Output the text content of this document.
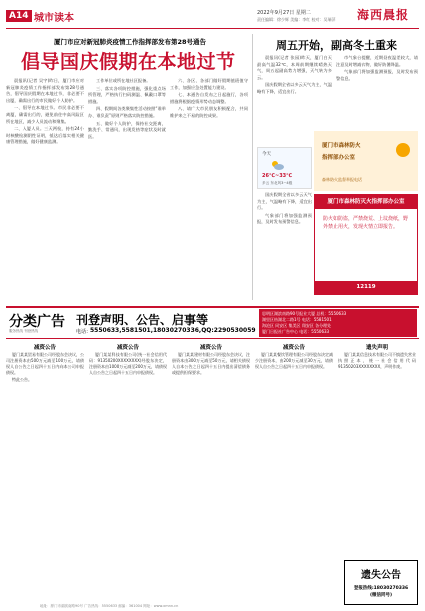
A14 城市读本	2022年9月27日 星期二
责任编辑：徐少辉 美编：李红 校对：吴瑞萍 海西晨报
厦门市应对新冠肺炎疫情工作指挥部发布第28号通告
倡导国庆假期在本地过节

晨报讯(记者 吴宇)昨日，厦门市应对新冠肺炎疫情工作指挥部发布第28号通告，倡导国庆假期在本地过节，非必要不出厦，确需出行的市民做好个人防护。

一、倡导在本地过节。市民非必要不离厦，确需出行的，避免前往中高风险区所在地区，减少人员流动和聚集。

二、入厦人员。三天两检，持有24小时核酸检测阴性证明，抵达后落实相关健康管理措施，做好健康监测。

工作单位或所在地社区报备。

三、落实各项防控措施，强化重点场所管理，严格执行扫码测温、佩戴口罩等措施。

四、假期间各类聚集性活动按照“谁举办、谁负责”原则严格落实防控措施。

五、做好个人防护，保持社交距离，勤洗手、常通风，出现发热等症状及时就医。

六、各区、各部门做好假期值班值守工作，加强应急处置能力建设。

七、本通告自发布之日起施行，各项措施将根据疫情形势动态调整。

八、请广大市民朋友积极配合，共同维护来之不易的防控成果。

周五开始，副高冬土重来

晨报讯(记者 张园)昨天，厦门白天最高气温32℃，本周前期继续晴热天气，周五起副高势力增强，天气转为多云。

国庆假期全省以多云天气为主，气温略有下降，适宜出行。

市气象台提醒，近期昼夜温差较大，请注意及时增减衣物，做好防暑降温。

气象部门将加强监测预报，及时发布预警信息。

今天
26℃~33℃
多云 东北风3~4级

国庆假期全省以多云天气为主，气温略有下降，适宜出行。

气象部门将加强监测预报，及时发布预警信息。

厦门市森林防火
指挥部办公室
森林防火监督举报电话
厦门市森林防灭火指挥部办公室
防火如防盗，严禁烧荒、上坟烧纸，野外禁止用火，发现火情立即报告。
12119
分类广告
服务热线 刊登热线
刊登声明、公告、启事等
电话：
5550633,5581501,18030270336,QQ:2290530059
思明区湖滨南路90号报业大厦 总机：5550633
湖里区枋湖北二路1号 电话：5581501
海沧区 同安区 集美区 翔安区 各分理处
厦门日报社广告中心 电话：5550633
减资公告

厦门某某贸易有限公司经股东会决议，公司注册资本由500万元减至100万元，请债权人自公告之日起四十五日内向本公司申报债权。

特此公告。

减资公告

厦门某某科技有限公司(统一社会信用代码：91350200XXXXXXXX)经股东决定，注册资本由1000万元减至200万元，请债权人自公告之日起四十五日内申报债权。

减资公告

厦门某某建材有限公司经股东会决议，注册资本由300万元减至50万元，请相关债权人自本公告之日起四十五日内提出清偿债务或提供担保要求。

减资公告

厦门某某餐饮管理有限公司经股东决定减少注册资本，由200万元减至30万元，请债权人自公告之日起四十五日内申报债权。

遗失声明

厦门某某信息技术有限公司不慎遗失营业执照正本，统一社会信用代码91350203XXXXXXXX，声明作废。

遗失公告
登报热线:18030270336
(微信同号)
地址：厦门市湖滨南路90号 广告热线：5550633 邮编：361004 网址：www.xmnn.cn
